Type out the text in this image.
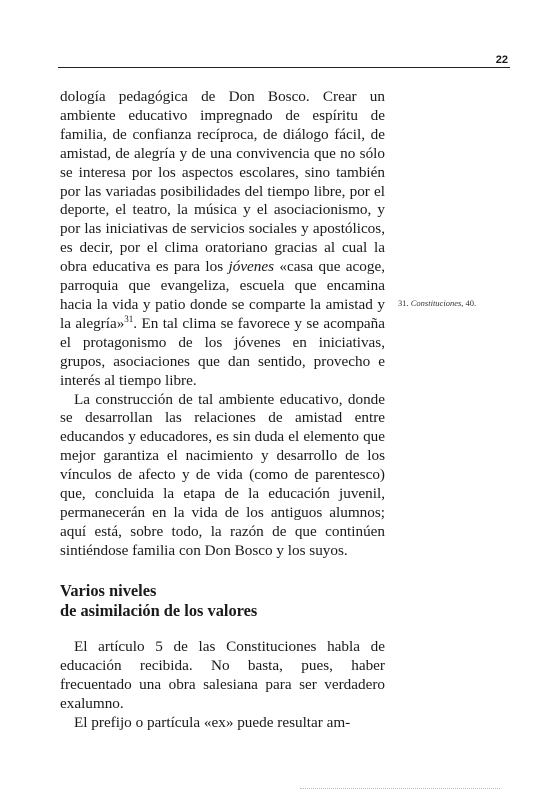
22

dología pedagógica de Don Bosco. Crear un ambiente educativo impregnado de espíritu de familia, de confianza recíproca, de diálogo fácil, de amistad, de alegría y de una convivencia que no sólo se interesa por los aspectos escolares, sino también por las variadas posibilidades del tiempo libre, por el deporte, el teatro, la música y el asociacionismo, y por las iniciativas de servicios sociales y apostólicos, es decir, por el clima oratoriano gracias al cual la obra educativa es para los jóvenes «casa que acoge, parroquia que evangeliza, escuela que encamina hacia la vida y patio donde se comparte la amistad y la alegría»$^{31}$. En tal clima se favorece y se acompaña el protagonismo de los jóvenes en iniciativas, grupos, asociaciones que dan sentido, provecho e interés al tiempo libre.

La construcción de tal ambiente educativo, donde se desarrollan las relaciones de amistad entre educandos y educadores, es sin duda el elemento que mejor garantiza el nacimiento y desarrollo de los vínculos de afecto y de vida (como de parentesco) que, concluida la etapa de la educación juvenil, permanecerán en la vida de los antiguos alumnos; aquí está, sobre todo, la razón de que continúen sintiéndose familia con Don Bosco y los suyos.

31. Constituciones, 40.
Varios niveles
de asimilación de los valores

El artículo 5 de las Constituciones habla de educación recibida. No basta, pues, haber frecuentado una obra salesiana para ser verdadero exalumno.

El prefijo o partícula «ex» puede resultar am-
